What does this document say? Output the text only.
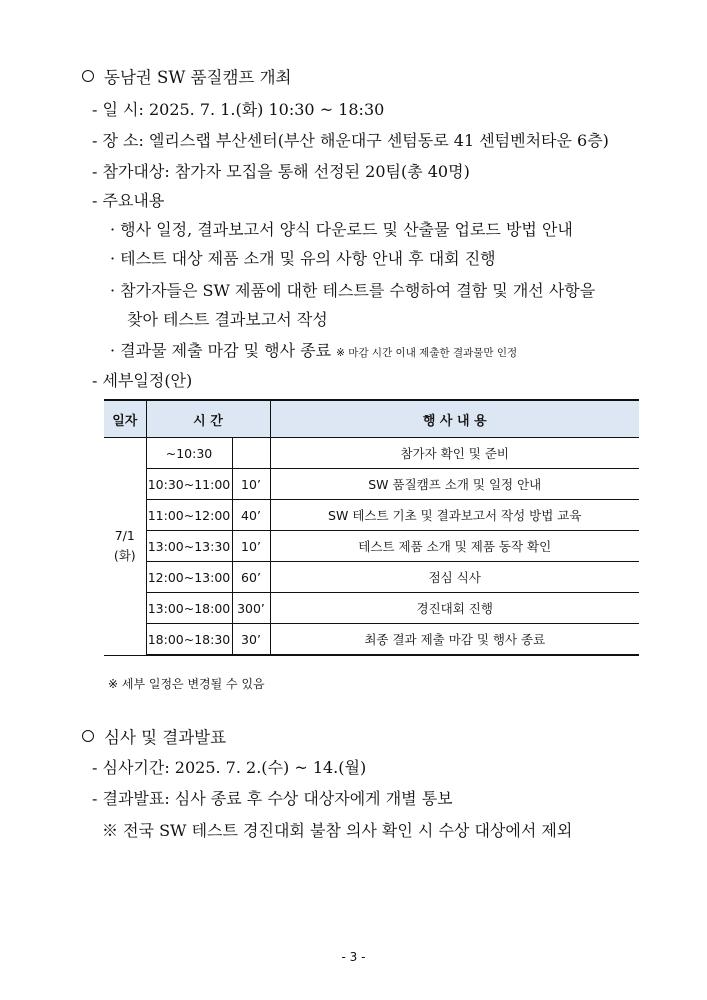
동남권 SW 품질캠프 개최
- 일 시: 2025. 7. 1.(화) 10:30 ~ 18:30
- 장 소: 엘리스랩 부산센터(부산 해운대구 센텀동로 41 센텀벤처타운 6층)
- 참가대상: 참가자 모집을 통해 선정된 20팀(총 40명)
- 주요내용
· 행사 일정, 결과보고서 양식 다운로드 및 산출물 업로드 방법 안내
· 테스트 대상 제품 소개 및 유의 사항 안내 후 대회 진행
· 참가자들은 SW 제품에 대한 테스트를 수행하여 결함 및 개선 사항을
찾아 테스트 결과보고서 작성
· 결과물 제출 마감 및 행사 종료 ※ 마감 시간 이내 제출한 결과물만 인정
- 세부일정(안)
일자	시 간		행 사 내 용
7/1
(화)	~10:30		참가자 확인 및 준비
	10:30~11:00	10’	SW 품질캠프 소개 및 일정 안내
	11:00~12:00	40’	SW 테스트 기초 및 결과보고서 작성 방법 교육
	13:00~13:30	10’	테스트 제품 소개 및 제품 동작 확인
	12:00~13:00	60’	점심 식사
	13:00~18:00	300’	경진대회 진행
	18:00~18:30	30’	최종 결과 제출 마감 및 행사 종료
※ 세부 일정은 변경될 수 있음
심사 및 결과발표
- 심사기간: 2025. 7. 2.(수) ~ 14.(월)
- 결과발표: 심사 종료 후 수상 대상자에게 개별 통보
※ 전국 SW 테스트 경진대회 불참 의사 확인 시 수상 대상에서 제외
- 3 -
